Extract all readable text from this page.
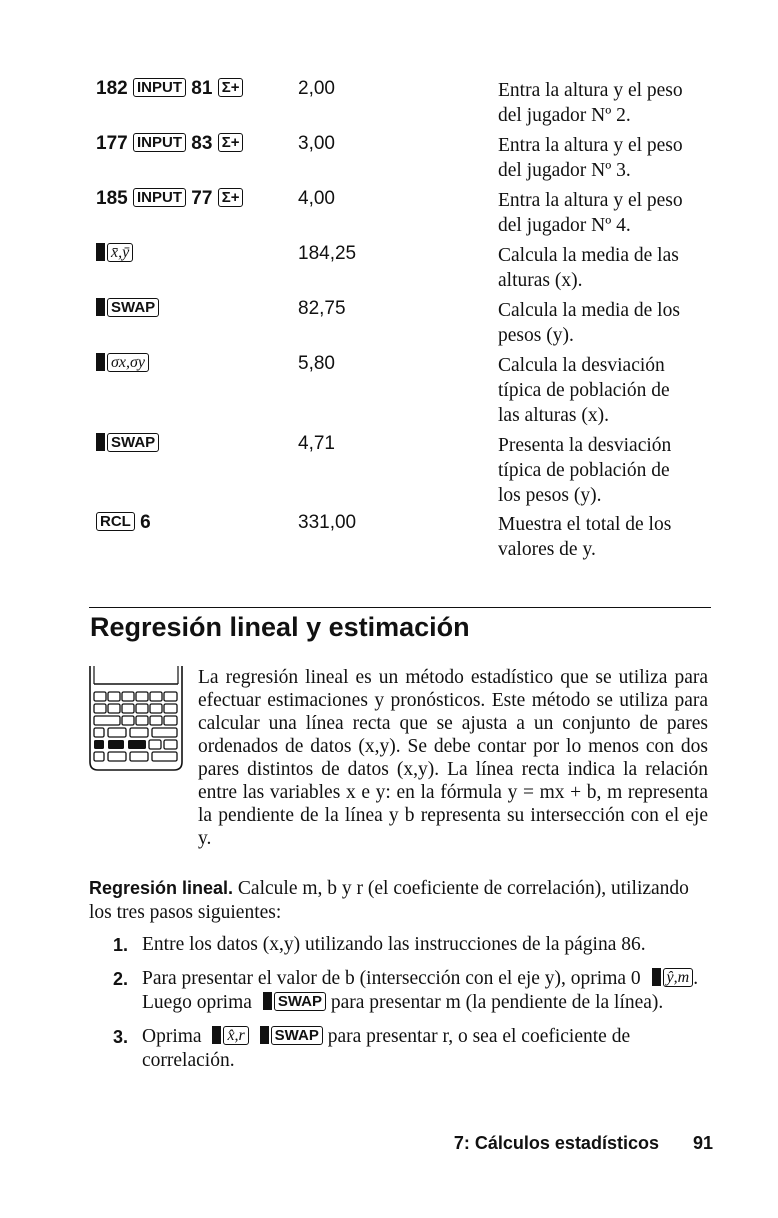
182 INPUT 81 Σ+	2,00	Entra la altura y el peso
del jugador Nº 2.
177 INPUT 83 Σ+	3,00	Entra la altura y el peso
del jugador Nº 3.
185 INPUT 77 Σ+	4,00	Entra la altura y el peso
del jugador Nº 4.
x̄,ȳ	184,25	Calcula la media de las
alturas (x).
SWAP	82,75	Calcula la media de los
pesos (y).
σx,σy	5,80	Calcula la desviación
típica de población de
las alturas (x).
SWAP	4,71	Presenta la desviación
típica de población de
los pesos (y).
RCL 6	331,00	Muestra el total de los
valores de y.
Regresión lineal y estimación

La regresión lineal es un método estadístico que se utiliza para efectuar estimaciones y pronósticos. Este método se utiliza para calcular una línea recta que se ajusta a un conjunto de pares ordenados de datos (x,y). Se debe contar por lo menos con dos pares distintos de datos (x,y). La línea recta indica la relación entre las variables x e y: en la fórmula y = mx + b, m representa la pendiente de la línea y b representa su intersección con el eje y.

Regresión lineal. Calcule m, b y r (el coeficiente de correlación), utilizando los tres pasos siguientes:

1. Entre los datos (x,y) utilizando las instrucciones de la página 86.
2. Para presentar el valor de b (intersección con el eje y), oprima 0 ŷ,m . Luego oprima SWAP para presentar m (la pendiente de la línea).
3. Oprima x̂,r SWAP para presentar r, o sea el coeficiente de correlación.
7: Cálculos estadísticos 91
